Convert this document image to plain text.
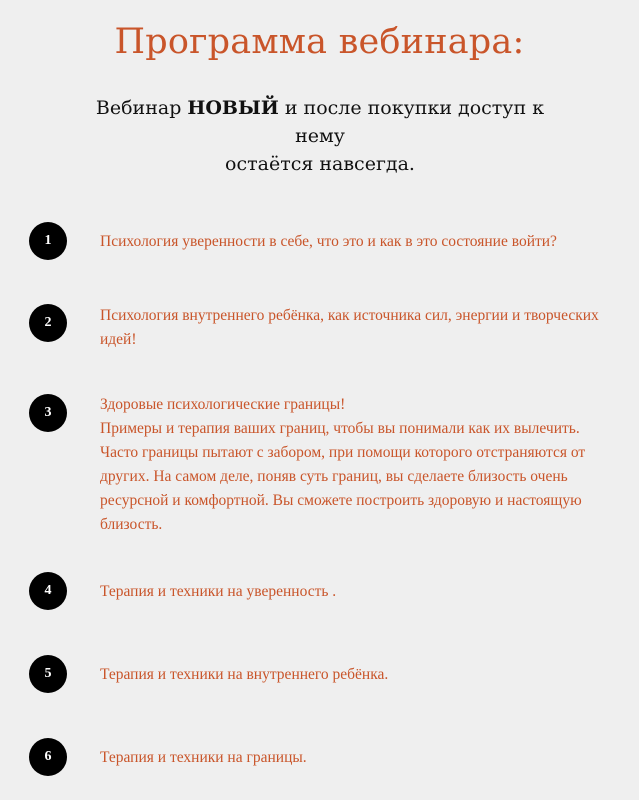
Программа вебинара:

Вебинар НОВЫЙ и после покупки доступ к нему
остаётся навсегда.

1	Психология уверенности в себе, что это и как в это состояние войти?

2	Психология внутреннего ребёнка, как источника сил, энергии и творческих
идей!

3	Здоровые психологические границы!
Примеры и терапия ваших границ, чтобы вы понимали как их вылечить.
Часто границы пытают с забором, при помощи которого отстраняются от
других. На самом деле, поняв суть границ, вы сделаете близость очень
ресурсной и комфортной. Вы сможете построить здоровую и настоящую
близость.

4	Терапия и техники на уверенность .

5	Терапия и техники на внутреннего ребёнка.

6	Терапия и техники на границы.
